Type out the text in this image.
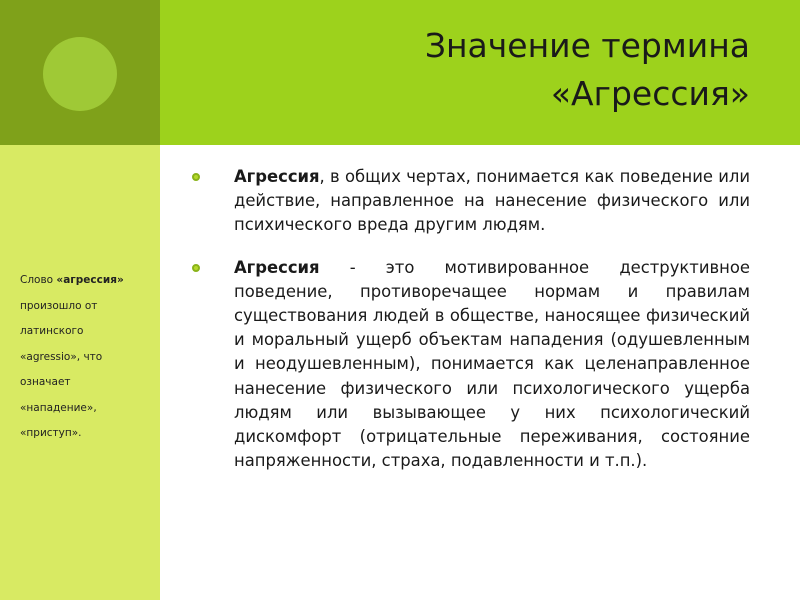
Значение термина
«Агрессия»

Слово «агрессия»

произошло от

латинского

«agressio», что

означает

«нападение»,

«приступ».

Агрессия, в общих чертах, понимается как поведение или действие, направленное на нанесение физического или психического вреда другим людям.
Агрессия - это мотивированное деструктивное поведение, противоречащее нормам и правилам существования людей в обществе, наносящее физический и моральный ущерб объектам нападения (одушевленным и неодушевленным), понимается как целенаправленное нанесение физического или психологического ущерба людям или вызывающее у них психологический дискомфорт (отрицательные переживания, состояние напряженности, страха, подавленности и т.п.).
